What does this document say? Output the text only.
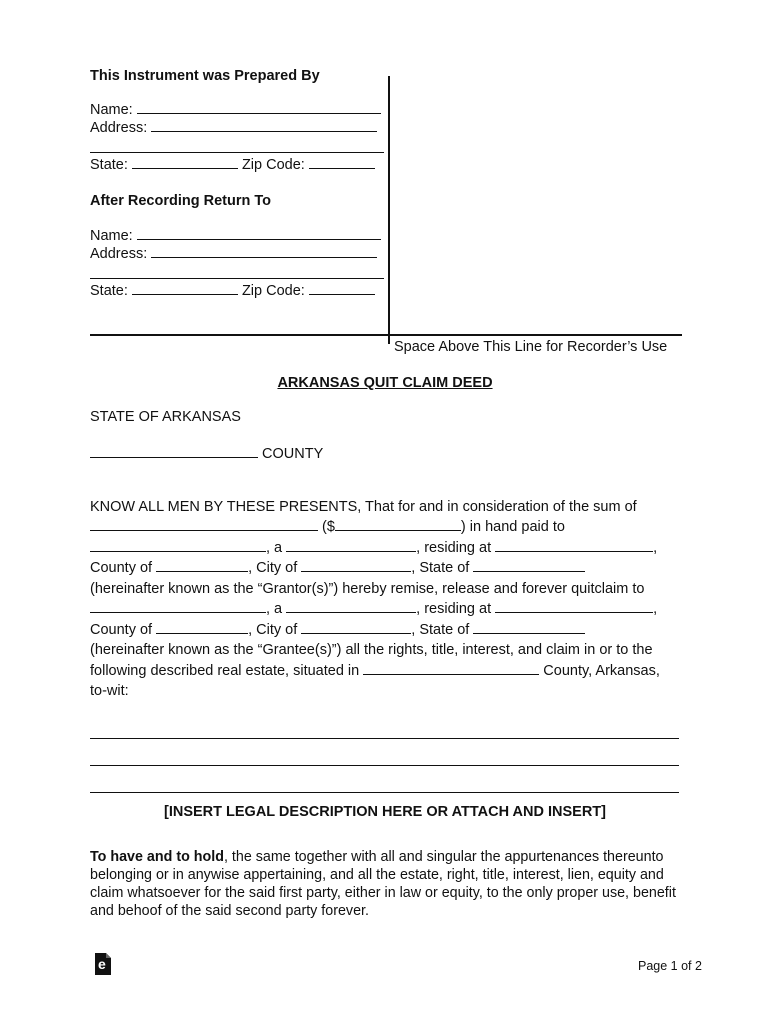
This Instrument was Prepared By
Name:
Address:
State:	Zip Code:
After Recording Return To
Name:
Address:
State:	Zip Code:
Space Above This Line for Recorder’s Use
ARKANSAS QUIT CLAIM DEED
STATE OF ARKANSAS
COUNTY
KNOW ALL MEN BY THESE PRESENTS, That for and in consideration of the sum of
($	) in hand paid to
, a	, residing at	,
County of	, City of	, State of
(hereinafter known as the “Grantor(s)”) hereby remise, release and forever quitclaim to
, a	, residing at	,
County of	, City of	, State of
(hereinafter known as the “Grantee(s)”) all the rights, title, interest, and claim in or to the
following described real estate, situated in	County, Arkansas,
to-wit:
[INSERT LEGAL DESCRIPTION HERE OR ATTACH AND INSERT]
To have and to hold, the same together with all and singular the appurtenances thereunto belonging or in anywise appertaining, and all the estate, right, title, interest, lien, equity and claim whatsoever for the said first party, either in law or equity, to the only proper use, benefit and behoof of the said second party forever.
e	Page 1 of 2
